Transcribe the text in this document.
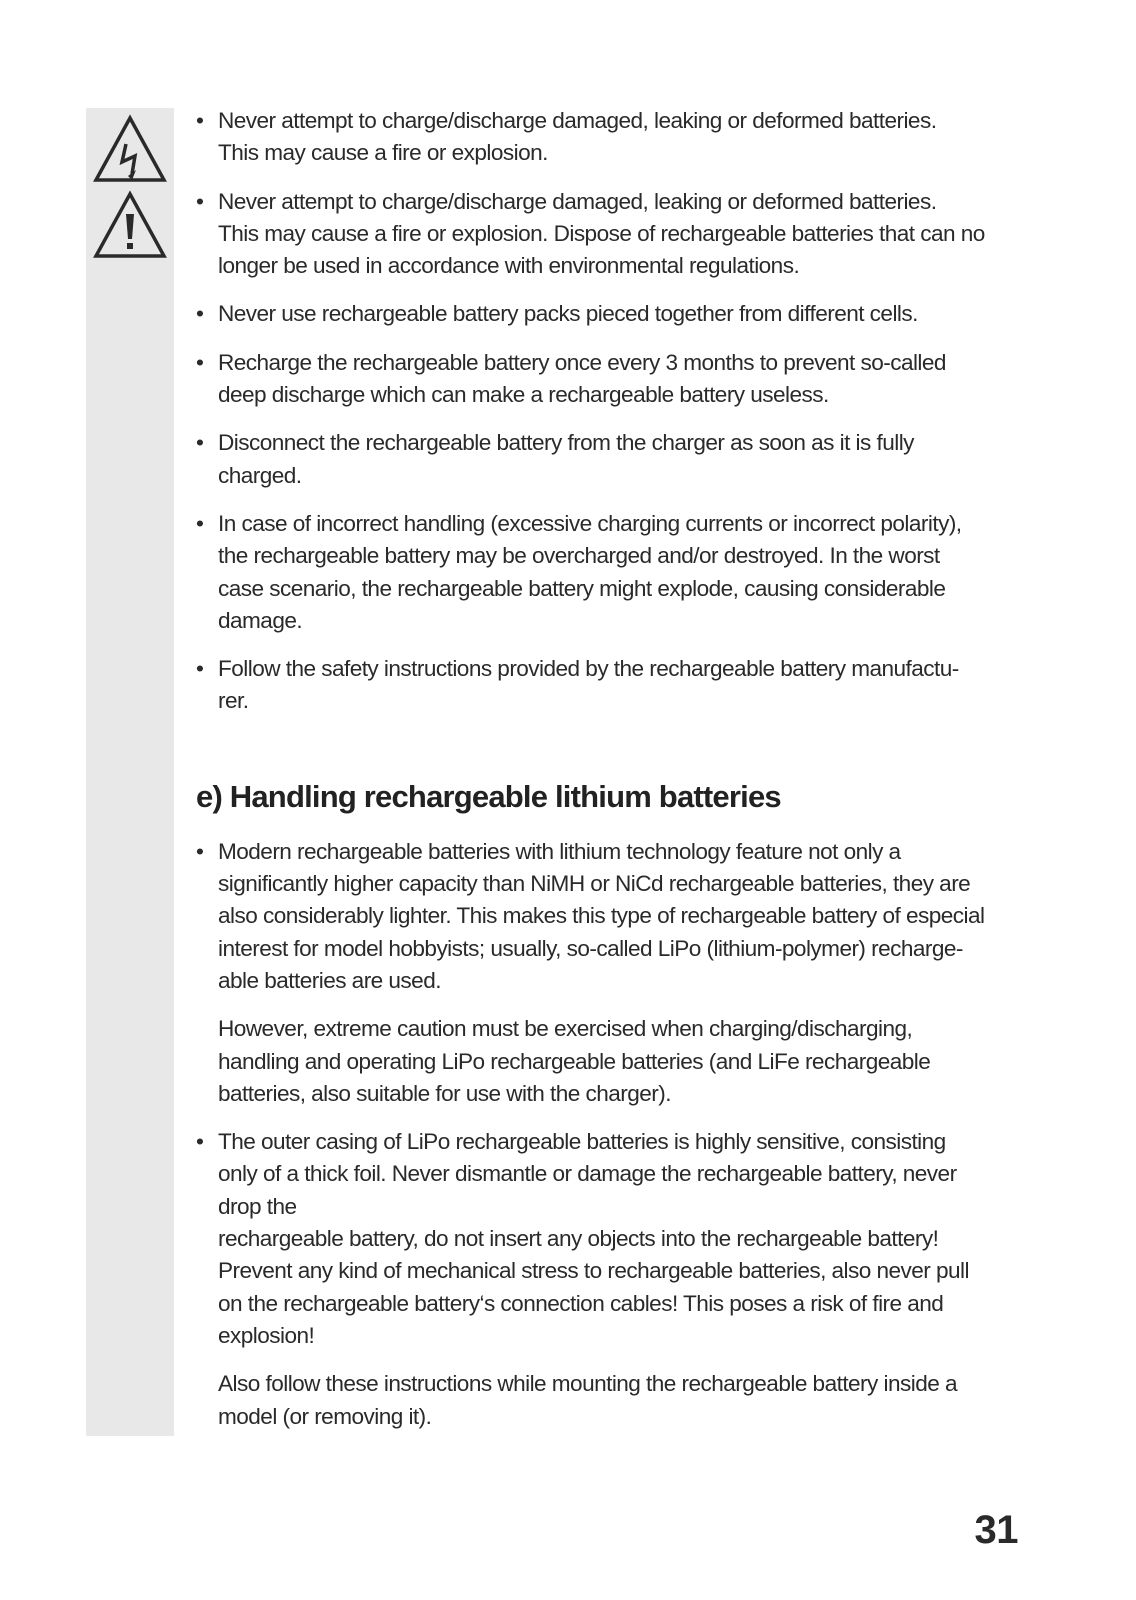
• Never attempt to charge/discharge damaged, leaking or deformed batteries.
This may cause a fire or explosion.

• Never attempt to charge/discharge damaged, leaking or deformed batteries.
This may cause a fire or explosion. Dispose of rechargeable batteries that can no
longer be used in accordance with environmental regulations.

• Never use rechargeable battery packs pieced together from different cells.

• Recharge the rechargeable battery once every 3 months to prevent so-called
deep discharge which can make a rechargeable battery useless.

• Disconnect the rechargeable battery from the charger as soon as it is fully
charged.

• In case of incorrect handling (excessive charging currents or incorrect polarity),
the rechargeable battery may be overcharged and/or destroyed. In the worst
case scenario, the rechargeable battery might explode, causing considerable
damage.

• Follow the safety instructions provided by the rechargeable battery manufactu-
rer.

e) Handling rechargeable lithium batteries
• Modern rechargeable batteries with lithium technology feature not only a
significantly higher capacity than NiMH or NiCd rechargeable batteries, they are
also considerably lighter. This makes this type of rechargeable battery of especial
interest for model hobbyists; usually, so-called LiPo (lithium-polymer) recharge-
able batteries are used.

However, extreme caution must be exercised when charging/discharging,
handling and operating LiPo rechargeable batteries (and LiFe rechargeable
batteries, also suitable for use with the charger).

• The outer casing of LiPo rechargeable batteries is highly sensitive, consisting
only of a thick foil. Never dismantle or damage the rechargeable battery, never
drop the
rechargeable battery, do not insert any objects into the rechargeable battery!
Prevent any kind of mechanical stress to rechargeable batteries, also never pull
on the rechargeable battery‘s connection cables! This poses a risk of fire and
explosion!

Also follow these instructions while mounting the rechargeable battery inside a
model (or removing it).

31
